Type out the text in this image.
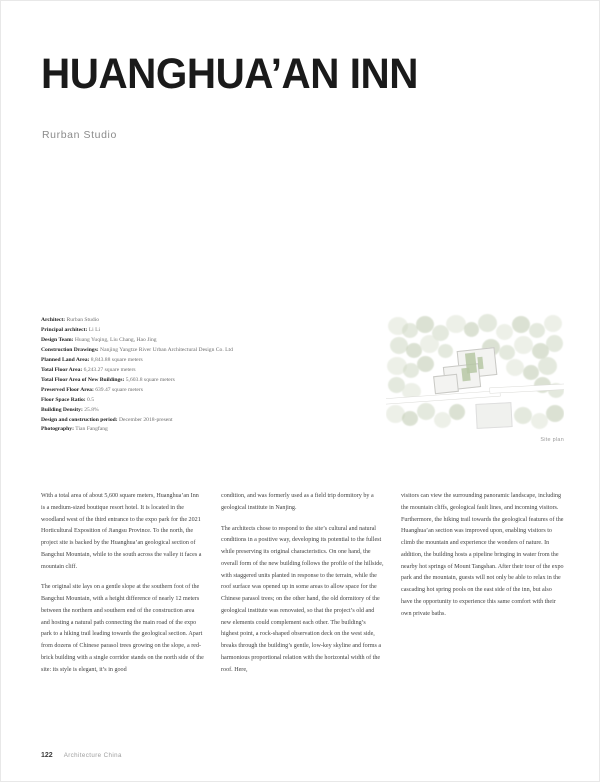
HUANGHUA’AN INN
Rurban Studio
Architect: Rurban Studio
Principal architect: Li Li
Design Team: Huang Yuqing, Liu Chang, Hao Jing
Construction Drawings: Nanjing Yangtze River Urban Architectural Design Co. Ltd
Planned Land Area: 8,843.88 square meters
Total Floor Area: 6,243.27 square meters
Total Floor Area of New Buildings: 5,603.8 square meters
Preserved Floor Area: 639.47 square meters
Floor Space Ratio: 0.5
Building Density: 25.8%
Design and construction period: December 2018-present
Photography: Tian Fangfang
Site plan

With a total area of about 5,600 square meters, Huanghua’an Inn is a medium-sized boutique resort hotel. It is located in the woodland west of the third entrance to the expo park for the 2021 Horticultural Exposition of Jiangsu Province. To the north, the project site is backed by the Huanghua’an geological section of Bangchui Mountain, while to the south across the valley it faces a mountain cliff.

The original site lays on a gentle slope at the southern foot of the Bangchui Mountain, with a height difference of nearly 12 meters between the northern and southern end of the construction area and hosting a natural path connecting the main road of the expo park to a hiking trail leading towards the geological section. Apart from dozens of Chinese parasol trees growing on the slope, a red-brick building with a single corridor stands on the north side of the site: its style is elegant, it’s in good

condition, and was formerly used as a field trip dormitory by a geological institute in Nanjing.

The architects chose to respond to the site’s cultural and natural conditions in a positive way, developing its potential to the fullest while preserving its original characteristics. On one hand, the overall form of the new building follows the profile of the hillside, with staggered units planted in response to the terrain, while the roof surface was opened up in some areas to allow space for the Chinese parasol trees; on the other hand, the old dormitory of the geological institute was renovated, so that the project’s old and new elements could complement each other. The building’s highest point, a rock-shaped observation deck on the west side, breaks through the building’s gentle, low-key skyline and forms a harmonious proportional relation with the horizontal width of the roof. Here,

visitors can view the surrounding panoramic landscape, including the mountain cliffs, geological fault lines, and incoming visitors. Furthermore, the hiking trail towards the geological features of the Huanghua’an section was improved upon, enabling visitors to climb the mountain and experience the wonders of nature. In addition, the building hosts a pipeline bringing in water from the nearby hot springs of Mount Tangshan. After their tour of the expo park and the mountain, guests will not only be able to relax in the cascading hot spring pools on the east side of the inn, but also have the opportunity to experience this same comfort with their own private baths.

122 Architecture China
